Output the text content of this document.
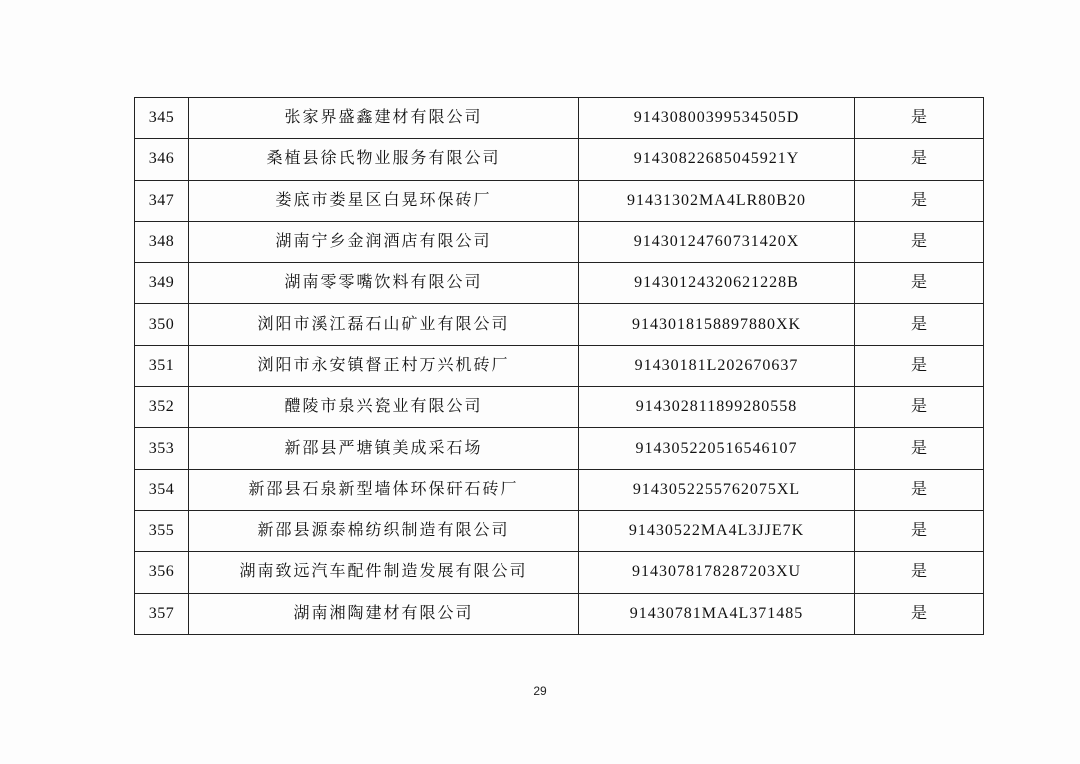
345	张家界盛鑫建材有限公司	91430800399534505D	是
346	桑植县徐氏物业服务有限公司	91430822685045921Y	是
347	娄底市娄星区白晃环保砖厂	91431302MA4LR80B20	是
348	湖南宁乡金润酒店有限公司	91430124760731420X	是
349	湖南零零嘴饮料有限公司	91430124320621228B	是
350	浏阳市溪江磊石山矿业有限公司	9143018158897880XK	是
351	浏阳市永安镇督正村万兴机砖厂	91430181L202670637	是
352	醴陵市泉兴瓷业有限公司	914302811899280558	是
353	新邵县严塘镇美成采石场	914305220516546107	是
354	新邵县石泉新型墙体环保矸石砖厂	9143052255762075XL	是
355	新邵县源泰棉纺织制造有限公司	91430522MA4L3JJE7K	是
356	湖南致远汽车配件制造发展有限公司	9143078178287203XU	是
357	湖南湘陶建材有限公司	91430781MA4L371485	是
29
